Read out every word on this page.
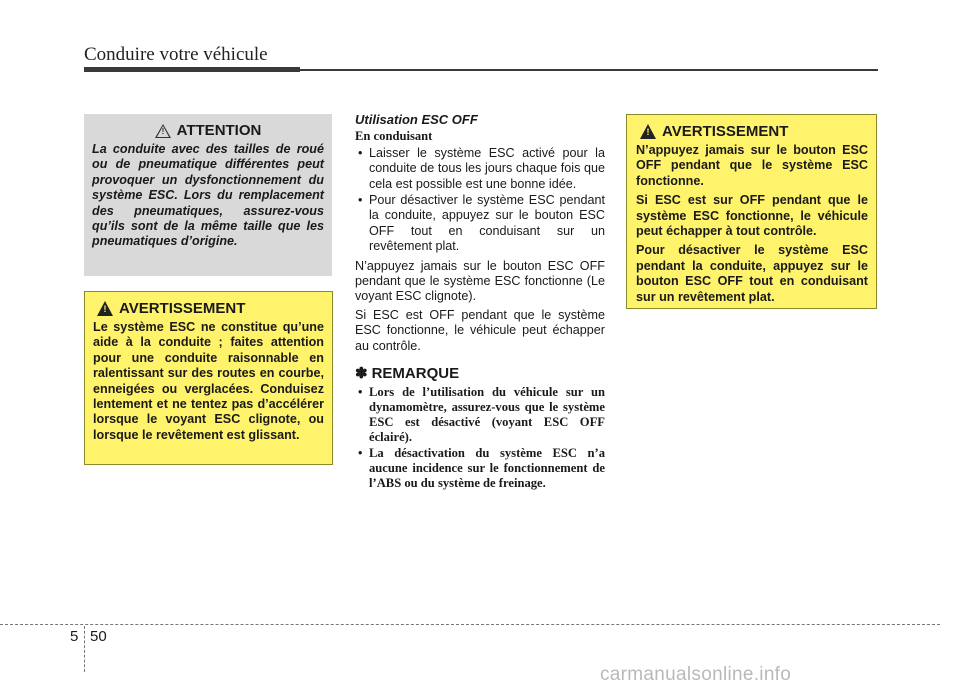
Conduire votre véhicule
! ATTENTION
La conduite avec des tailles de roué ou de pneumatique différentes peut provoquer un dysfonctionnement du système ESC. Lors du remplacement des pneumatiques, assurez-vous qu’ils sont de la même taille que les pneumatiques d’origine.
! AVERTISSEMENT

Le système ESC ne constitue qu’une aide à la conduite ; faites attention pour une conduite raisonnable en ralentissant sur des routes en courbe, enneigées ou verglacées. Conduisez lentement et ne tentez pas d’accélérer lorsque le voyant ESC clignote, ou lorsque le revêtement est glissant.

Utilisation ESC OFF
En conduisant
• Laisser le système ESC activé pour la conduite de tous les jours chaque fois que cela est possible est une bonne idée.
• Pour désactiver le système ESC pendant la conduite, appuyez sur le bouton ESC OFF tout en conduisant sur un revêtement plat.

N’appuyez jamais sur le bouton ESC OFF pendant que le système ESC fonctionne (Le voyant ESC clignote).

Si ESC est OFF pendant que le système ESC fonctionne, le véhicule peut échapper au contrôle.

✽ REMARQUE
• Lors de l’utilisation du véhicule sur un dynamomètre, assurez-vous que le système ESC est désactivé (voyant ESC OFF éclairé).
• La désactivation du système ESC n’a aucune incidence sur le fonctionnement de l’ABS ou du système de freinage.
! AVERTISSEMENT

N’appuyez jamais sur le bouton ESC OFF pendant que le système ESC fonctionne.

Si ESC est sur OFF pendant que le système ESC fonctionne, le véhicule peut échapper à tout contrôle.

Pour désactiver le système ESC pendant la conduite, appuyez sur le bouton ESC OFF tout en conduisant sur un revêtement plat.

5 50
carmanualsonline.info
